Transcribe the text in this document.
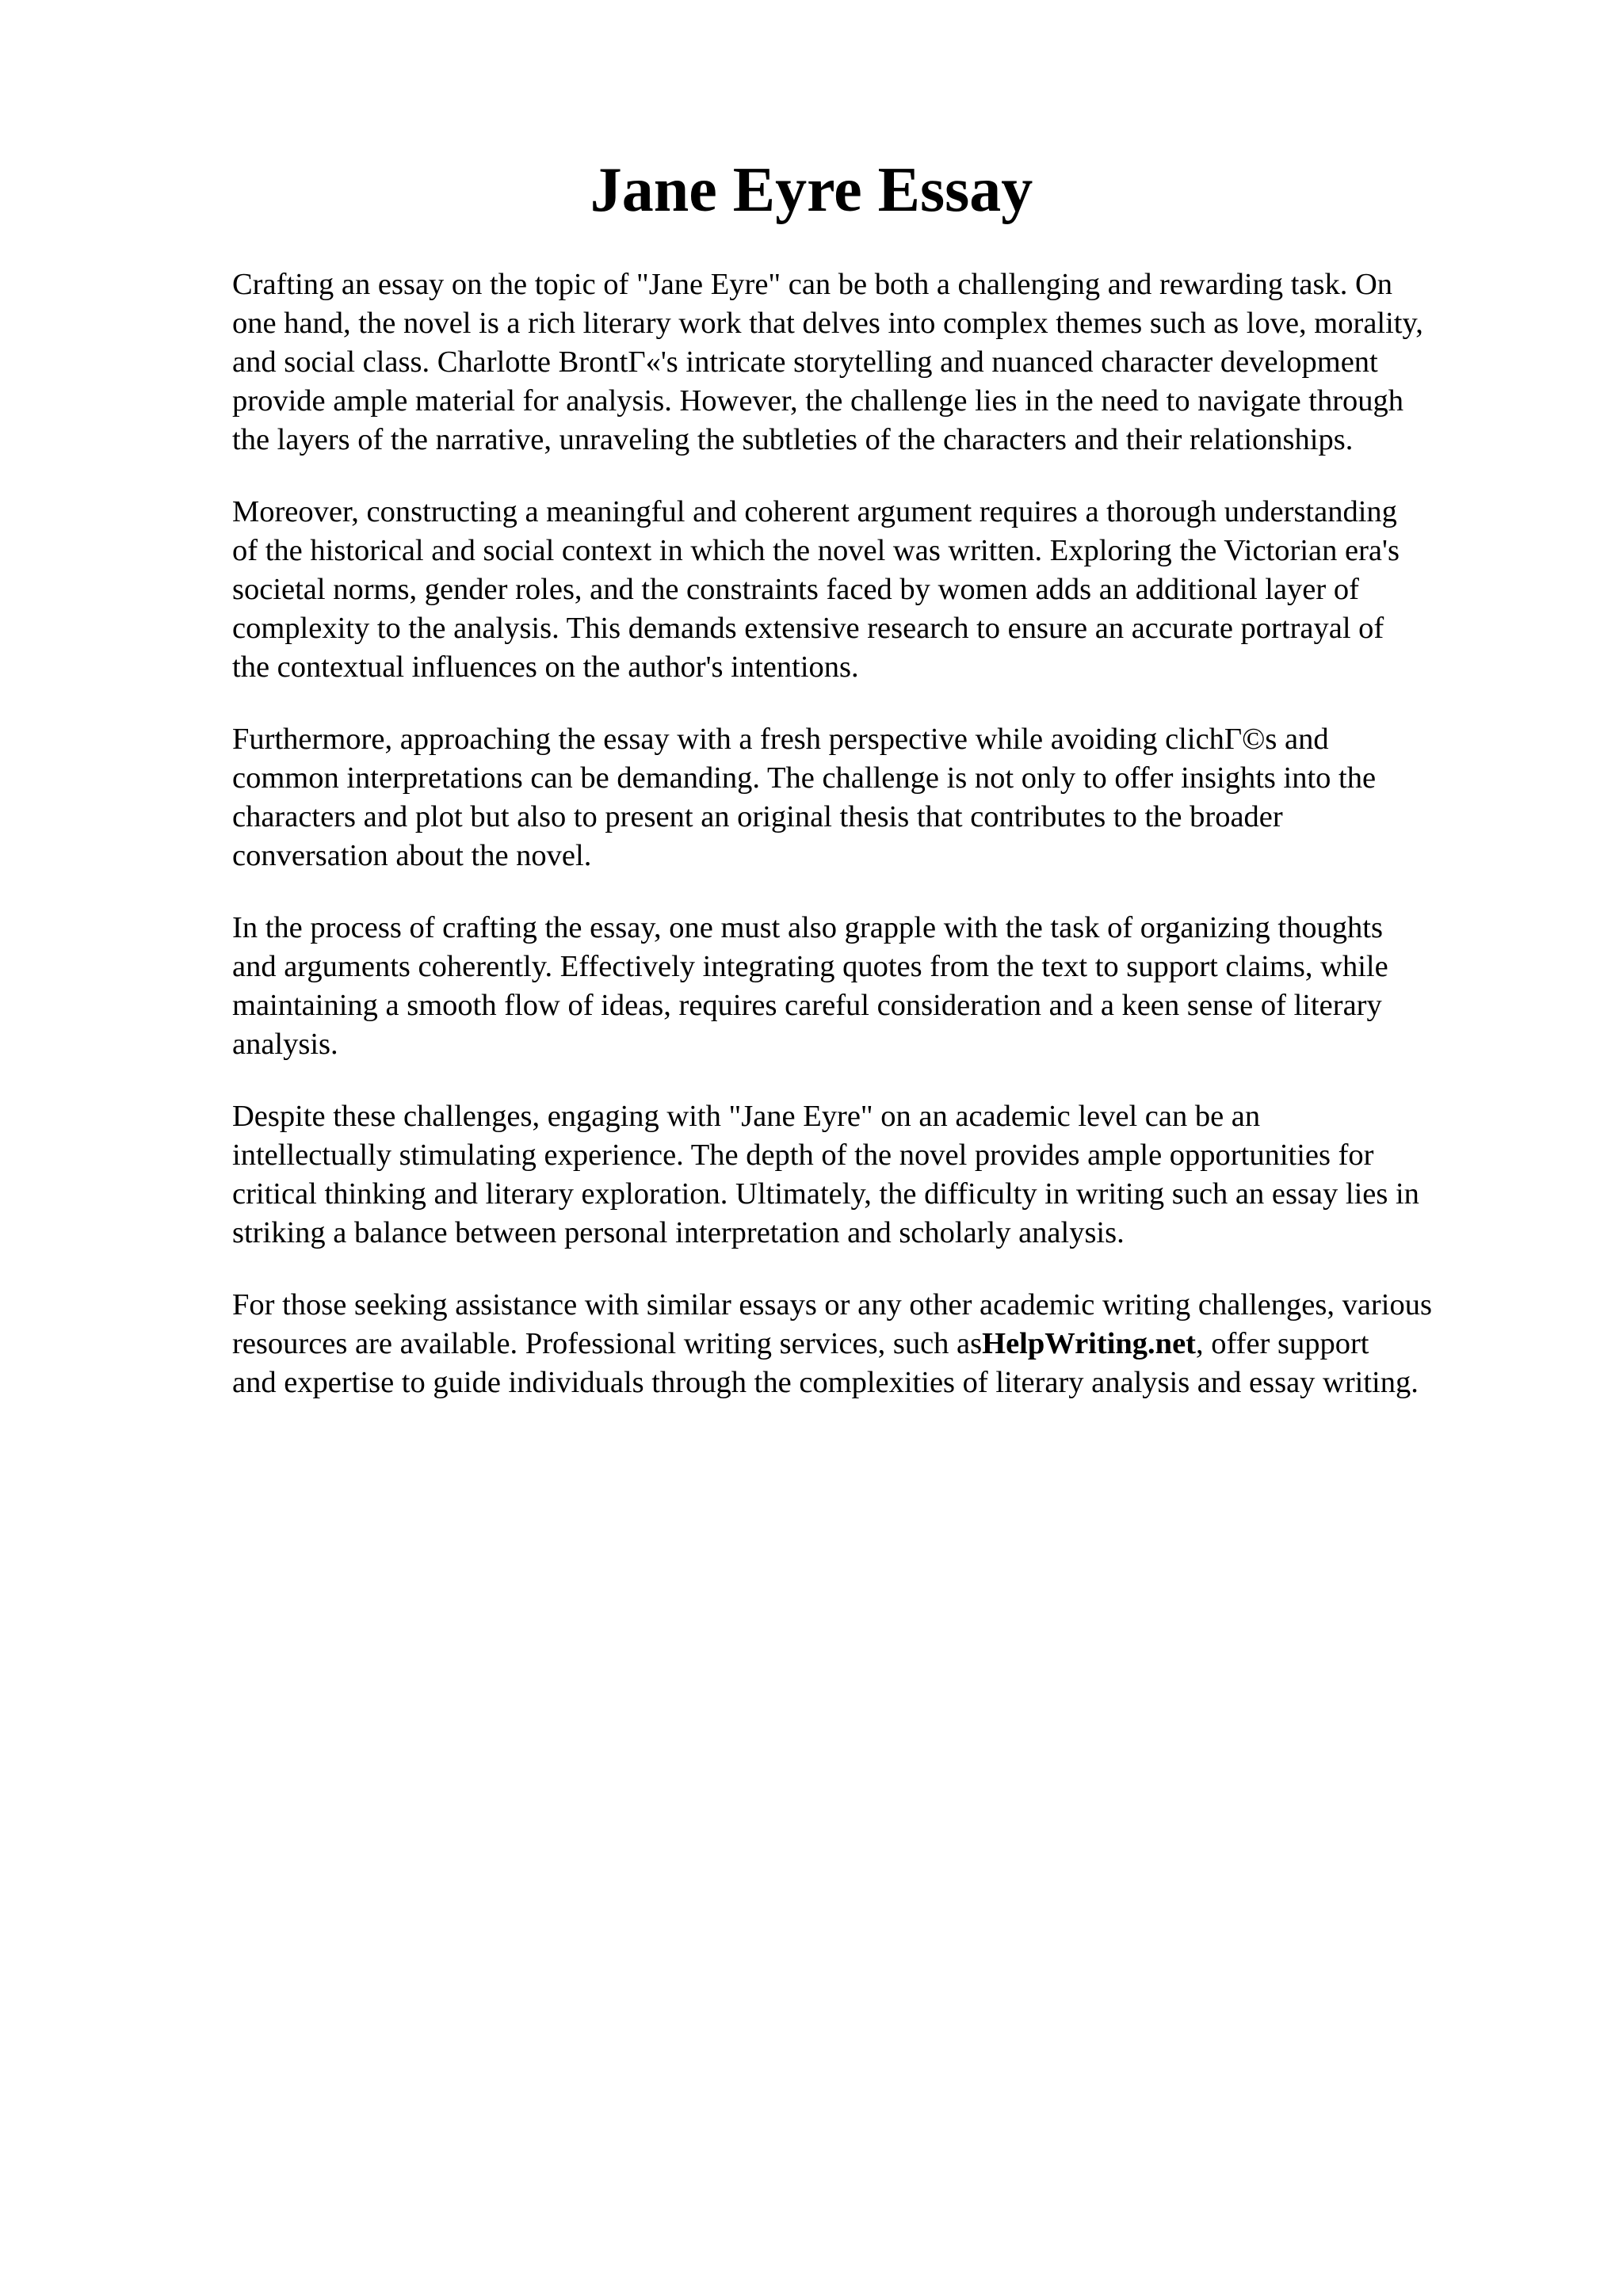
Jane Eyre Essay

Crafting an essay on the topic of "Jane Eyre" can be both a challenging and rewarding task. On
one hand, the novel is a rich literary work that delves into complex themes such as love, morality,
and social class. Charlotte BrontΓ«'s intricate storytelling and nuanced character development
provide ample material for analysis. However, the challenge lies in the need to navigate through
the layers of the narrative, unraveling the subtleties of the characters and their relationships.

Moreover, constructing a meaningful and coherent argument requires a thorough understanding
of the historical and social context in which the novel was written. Exploring the Victorian era's
societal norms, gender roles, and the constraints faced by women adds an additional layer of
complexity to the analysis. This demands extensive research to ensure an accurate portrayal of
the contextual influences on the author's intentions.

Furthermore, approaching the essay with a fresh perspective while avoiding clichΓ©s and
common interpretations can be demanding. The challenge is not only to offer insights into the
characters and plot but also to present an original thesis that contributes to the broader
conversation about the novel.

In the process of crafting the essay, one must also grapple with the task of organizing thoughts
and arguments coherently. Effectively integrating quotes from the text to support claims, while
maintaining a smooth flow of ideas, requires careful consideration and a keen sense of literary
analysis.

Despite these challenges, engaging with "Jane Eyre" on an academic level can be an
intellectually stimulating experience. The depth of the novel provides ample opportunities for
critical thinking and literary exploration. Ultimately, the difficulty in writing such an essay lies in
striking a balance between personal interpretation and scholarly analysis.

For those seeking assistance with similar essays or any other academic writing challenges, various
resources are available. Professional writing services, such asHelpWriting.net, offer support
and expertise to guide individuals through the complexities of literary analysis and essay writing.
